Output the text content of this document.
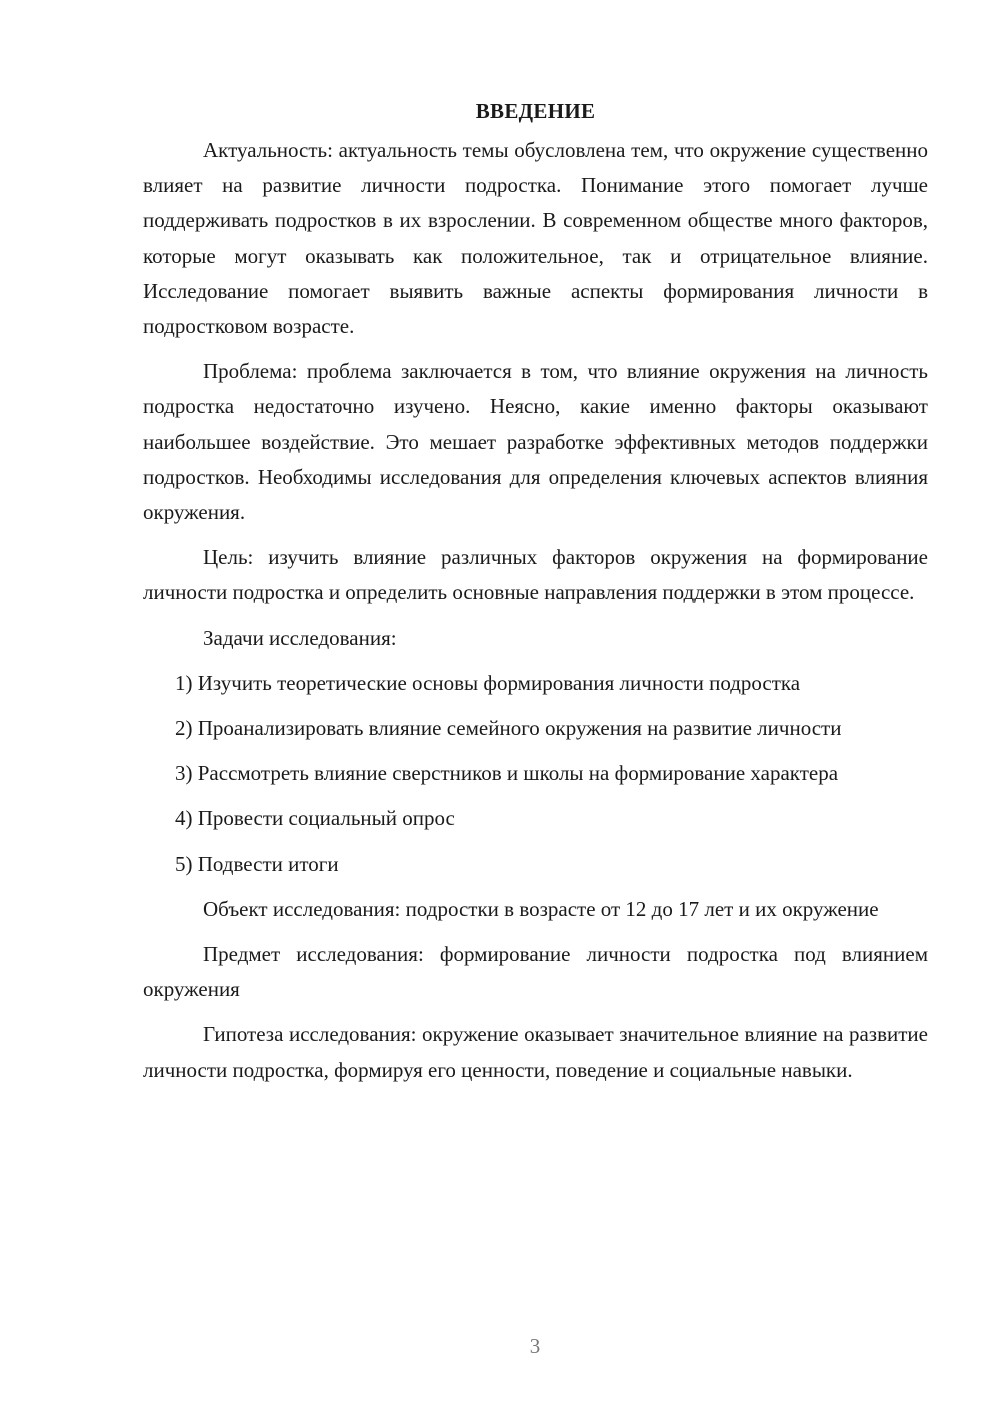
ВВЕДЕНИЕ

Актуальность: актуальность темы обусловлена тем, что окружение существенно влияет на развитие личности подростка. Понимание этого помогает лучше поддерживать подростков в их взрослении. В современном обществе много факторов, которые могут оказывать как положительное, так и отрицательное влияние. Исследование помогает выявить важные аспекты формирования личности в подростковом возрасте.

Проблема: проблема заключается в том, что влияние окружения на личность подростка недостаточно изучено. Неясно, какие именно факторы оказывают наибольшее воздействие. Это мешает разработке эффективных методов поддержки подростков. Необходимы исследования для определения ключевых аспектов влияния окружения.

Цель: изучить влияние различных факторов окружения на формирование личности подростка и определить основные направления поддержки в этом процессе.

Задачи исследования:

1) Изучить теоретические основы формирования личности подростка

2) Проанализировать влияние семейного окружения на развитие личности

3) Рассмотреть влияние сверстников и школы на формирование характера

4) Провести социальный опрос

5) Подвести итоги

Объект исследования: подростки в возрасте от 12 до 17 лет и их окружение

Предмет исследования: формирование личности подростка под влиянием окружения

Гипотеза исследования: окружение оказывает значительное влияние на развитие личности подростка, формируя его ценности, поведение и социальные навыки.

3
